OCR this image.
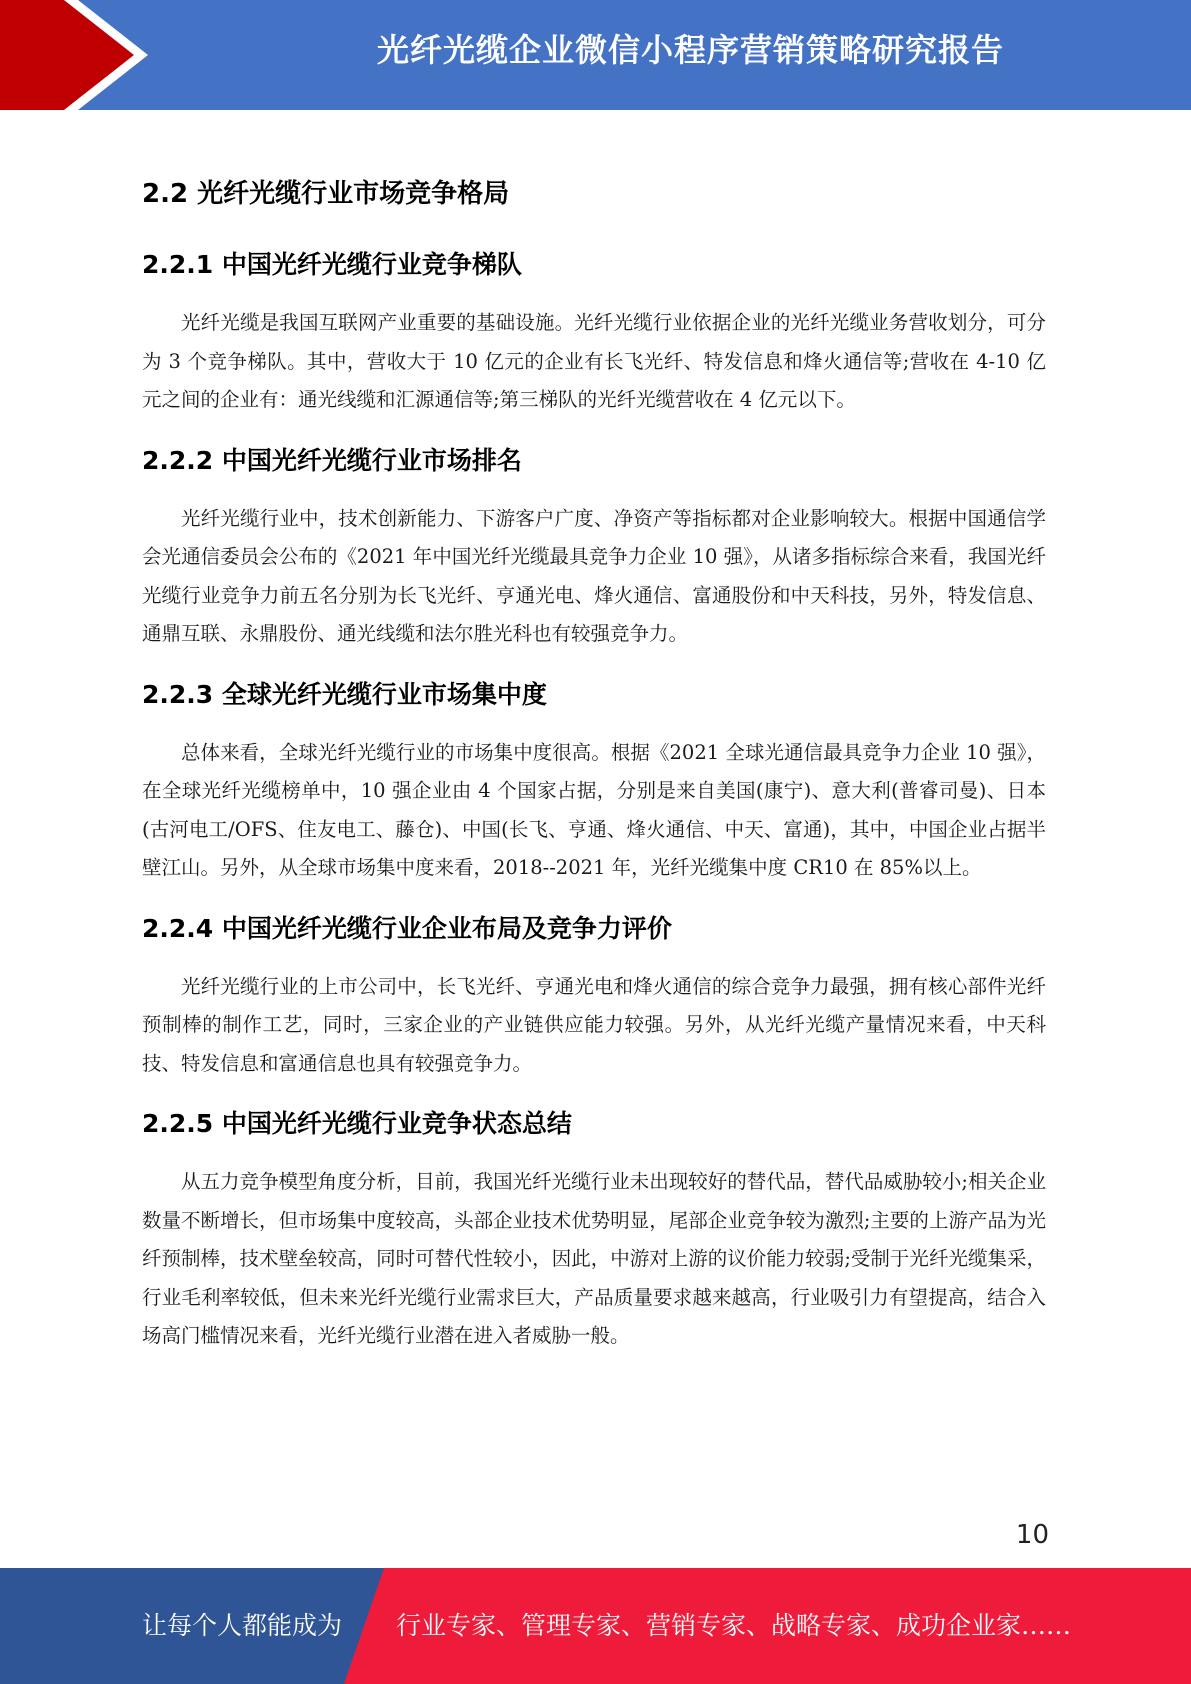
光纤光缆企业微信小程序营销策略研究报告
2.2 光纤光缆行业市场竞争格局
2.2.1 中国光纤光缆行业竞争梯队

光纤光缆是我国互联网产业重要的基础设施。光纤光缆行业依据企业的光纤光缆业务营收划分，可分为 3 个竞争梯队。其中，营收大于 10 亿元的企业有长飞光纤、特发信息和烽火通信等;营收在 4-10 亿元之间的企业有：通光线缆和汇源通信等;第三梯队的光纤光缆营收在 4 亿元以下。

2.2.2 中国光纤光缆行业市场排名

光纤光缆行业中，技术创新能力、下游客户广度、净资产等指标都对企业影响较大。根据中国通信学会光通信委员会公布的《2021 年中国光纤光缆最具竞争力企业 10 强》，从诸多指标综合来看，我国光纤光缆行业竞争力前五名分别为长飞光纤、亨通光电、烽火通信、富通股份和中天科技，另外，特发信息、通鼎互联、永鼎股份、通光线缆和法尔胜光科也有较强竞争力。

2.2.3 全球光纤光缆行业市场集中度

总体来看，全球光纤光缆行业的市场集中度很高。根据《2021 全球光通信最具竞争力企业 10 强》，在全球光纤光缆榜单中，10 强企业由 4 个国家占据，分别是来自美国(康宁)、意大利(普睿司曼)、日本(古河电工/OFS、住友电工、藤仓)、中国(长飞、亨通、烽火通信、中天、富通)，其中，中国企业占据半壁江山。另外，从全球市场集中度来看，2018--2021 年，光纤光缆集中度 CR10 在 85%以上。

2.2.4 中国光纤光缆行业企业布局及竞争力评价

光纤光缆行业的上市公司中，长飞光纤、亨通光电和烽火通信的综合竞争力最强，拥有核心部件光纤预制棒的制作工艺，同时，三家企业的产业链供应能力较强。另外，从光纤光缆产量情况来看，中天科技、特发信息和富通信息也具有较强竞争力。

2.2.5 中国光纤光缆行业竞争状态总结

从五力竞争模型角度分析，目前，我国光纤光缆行业未出现较好的替代品，替代品威胁较小;相关企业数量不断增长，但市场集中度较高，头部企业技术优势明显，尾部企业竞争较为激烈;主要的上游产品为光纤预制棒，技术壁垒较高，同时可替代性较小，因此，中游对上游的议价能力较弱;受制于光纤光缆集采，行业毛利率较低，但未来光纤光缆行业需求巨大，产品质量要求越来越高，行业吸引力有望提高，结合入场高门槛情况来看，光纤光缆行业潜在进入者威胁一般。

10
让每个人都能成为 行业专家、管理专家、营销专家、战略专家、成功企业家……
